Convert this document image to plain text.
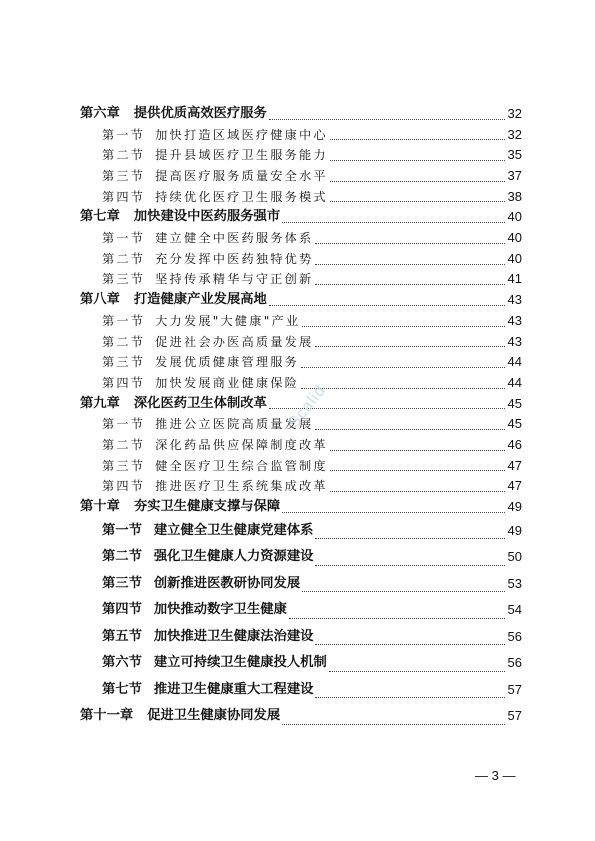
第六章 提供优质高效医疗服务	32
第一节 加快打造区域医疗健康中心	32
第二节 提升县域医疗卫生服务能力	35
第三节 提高医疗服务质量安全水平	37
第四节 持续优化医疗卫生服务模式	38
第七章 加快建设中医药服务强市	40
第一节 建立健全中医药服务体系	40
第二节 充分发挥中医药独特优势	40
第三节 坚持传承精华与守正创新	41
第八章 打造健康产业发展高地	43
第一节 大力发展"大健康"产业	43
第二节 促进社会办医高质量发展	43
第三节 发展优质健康管理服务	44
第四节 加快发展商业健康保险	44
第九章 深化医药卫生体制改革	45
第一节 推进公立医院高质量发展	45
第二节 深化药品供应保障制度改革	46
第三节 健全医疗卫生综合监管制度	47
第四节 推进医疗卫生系统集成改革	47
第十章 夯实卫生健康支撑与保障	49
第一节 建立健全卫生健康党建体系	49
第二节 强化卫生健康人力资源建设	50
第三节 创新推进医教研协同发展	53
第四节 加快推动数字卫生健康	54
第五节 加快推进卫生健康法治建设	56
第六节 建立可持续卫生健康投人机制	56
第七节 推进卫生健康重大工程建设	57
第十一章 促进卫生健康协同发展	57
— 3 —
Scalid
